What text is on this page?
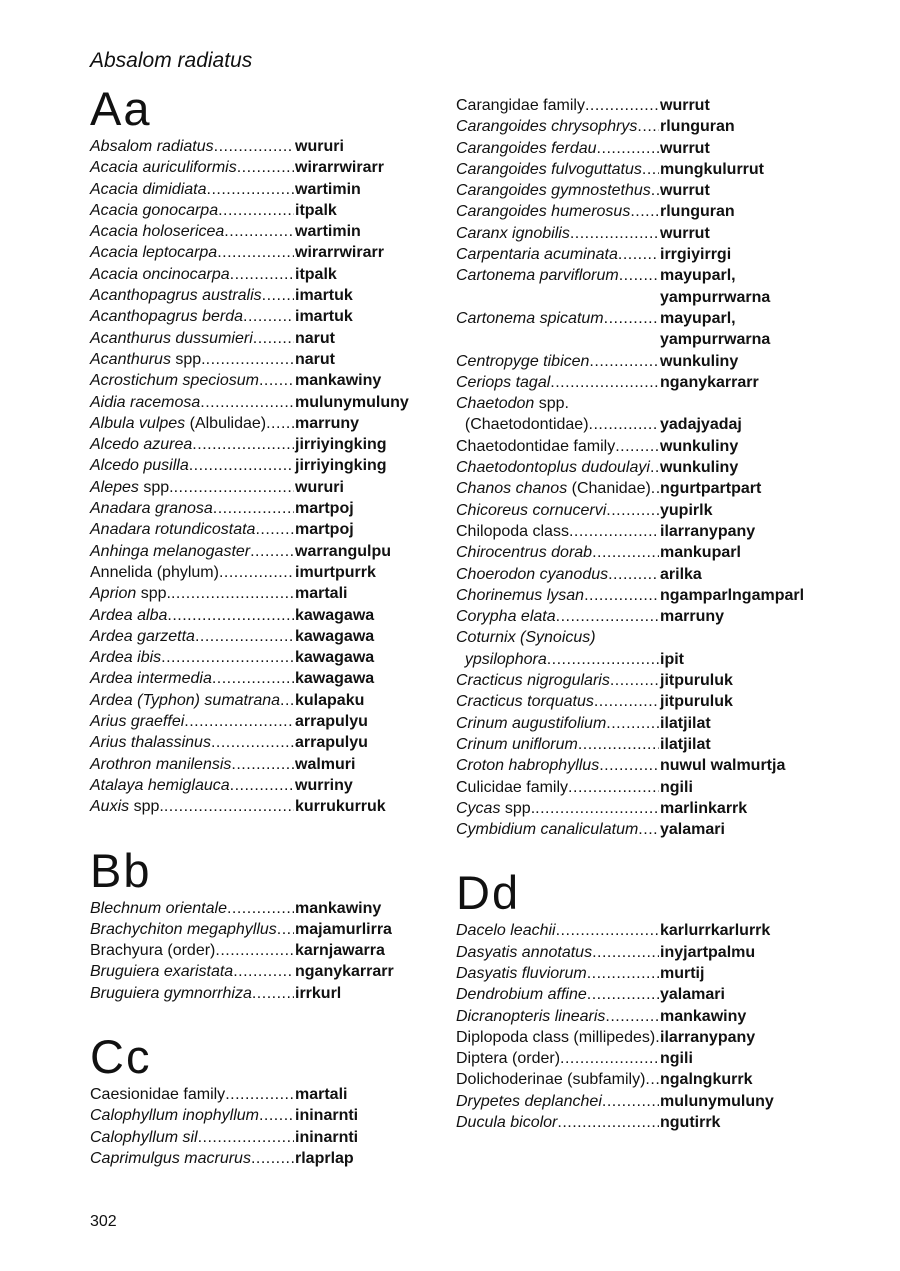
Absalom radiatus
Aa
Absalom radiatus .....	wururi
Acacia auriculiformis .....	wirarrwirarr
Acacia dimidiata .....	wartimin
Acacia gonocarpa .....	itpalk
Acacia holosericea .....	wartimin
Acacia leptocarpa .....	wirarrwirarr
Acacia oncinocarpa .....	itpalk
Acanthopagrus australis ..... imartuk
Acanthopagrus berda .....	imartuk
Acanthurus dussumieri .....	narut
Acanthurus spp. .....	narut
Acrostichum speciosum ..... mankawiny
Aidia racemosa .....	mulunymuluny
Albula vulpes (Albulidae) ..... marruny
Alcedo azurea .....	jirriyingking
Alcedo pusilla .....	jirriyingking
Alepes spp. .....	wururi
Anadara granosa .....	martpoj
Anadara rotundicostata ..... martpoj
Anhinga melanogaster .....	warrangulpu
Annelida (phylum) .....	imurtpurrk
Aprion spp. .....	martali
Ardea alba .....	kawagawa
Ardea garzetta .....	kawagawa
Ardea ibis .....	kawagawa
Ardea intermedia .....	kawagawa
Ardea (Typhon) sumatrana ..... kulapaku
Arius graeffei .....	arrapulyu
Arius thalassinus .....	arrapulyu
Arothron manilensis .....	walmuri
Atalaya hemiglauca .....	wurriny
Auxis spp. .....	kurrukurruk
Bb
Blechnum orientale .....	mankawiny
Brachychiton megaphyllus ..... majamurlirra
Brachyura (order) .....	karnjawarra
Bruguiera exaristata .....	nganykarrarr
Bruguiera gymnorrhiza .....	irrkurl
Cc
Caesionidae family .....	martali
Calophyllum inophyllum ..... ininarnti
Calophyllum sil .....	ininarnti
Caprimulgus macrurus .....	rlaprlap
Carangidae family .....	wurrut
Carangoides chrysophrys ..... rlunguran
Carangoides ferdau .....	wurrut
Carangoides fulvoguttatus ..... mungkulurrut
Carangoides gymnostethus ..... wurrut
Carangoides humerosus ..... rlunguran
Caranx ignobilis .....	wurrut
Carpentaria acuminata .....	irrgiyirrgi
Cartonema parviflorum .....	mayuparl,
yampurrwarna
Cartonema spicatum .....	mayuparl,
yampurrwarna
Centropyge tibicen .....	wunkuliny
Ceriops tagal .....	nganykarrarr
Chaetodon spp.
(Chaetodontidae) .....	yadajyadaj
Chaetodontidae family .....	wunkuliny
Chaetodontoplus dudoulayi ..... wunkuliny
Chanos chanos (Chanidae) ..... ngurtpartpart
Chicoreus cornucervi .....	yupirlk
Chilopoda class .....	ilarranypany
Chirocentrus dorab .....	mankuparl
Choerodon cyanodus .....	arilka
Chorinemus lysan .....	ngamparlngamparl
Corypha elata .....	marruny
Coturnix (Synoicus)
ypsilophora .....	ipit
Cracticus nigrogularis .....	jitpuruluk
Cracticus torquatus .....	jitpuruluk
Crinum augustifolium .....	ilatjilat
Crinum uniflorum .....	ilatjilat
Croton habrophyllus .....	nuwul walmurtja
Culicidae family .....	ngili
Cycas spp. .....	marlinkarrk
Cymbidium canaliculatum ..... yalamari
Dd
Dacelo leachii .....	karlurrkarlurrk
Dasyatis annotatus .....	inyjartpalmu
Dasyatis fluviorum .....	murtij
Dendrobium affine .....	yalamari
Dicranopteris linearis .....	mankawiny
Diplopoda class (millipedes) ..... ilarranypany
Diptera (order) .....	ngili
Dolichoderinae (subfamily) ..... ngalngkurrk
Drypetes deplanchei .....	mulunymuluny
Ducula bicolor .....	ngutirrk
302
